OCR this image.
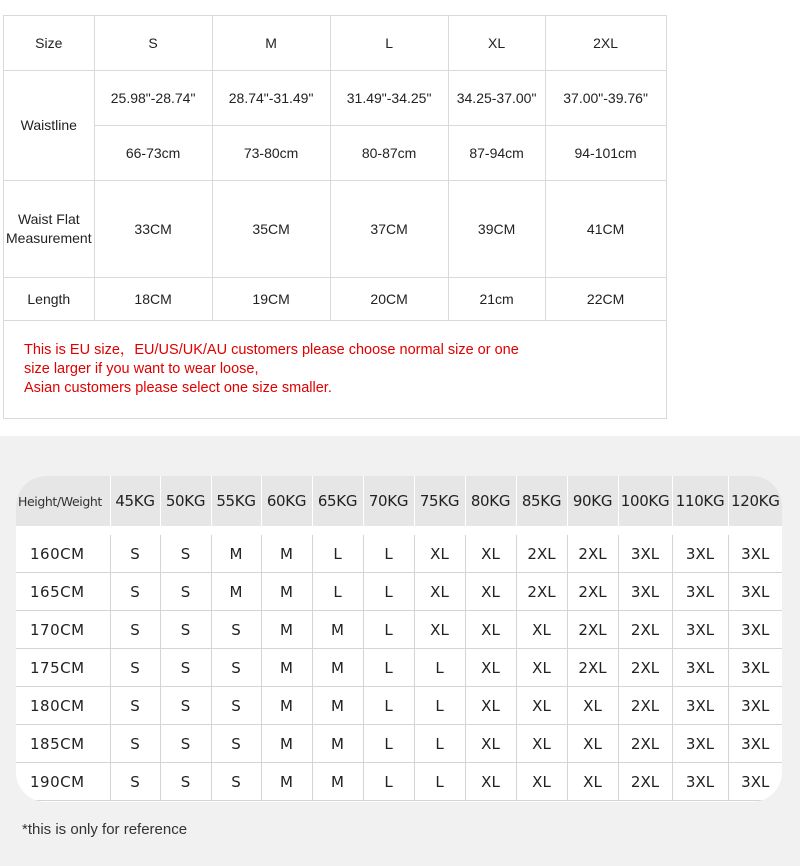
Size	S	M	L	XL	2XL
Waistline	25.98"-28.74"	28.74"-31.49"	31.49"-34.25"	34.25-37.00"	37.00"-39.76"
	66-73cm	73-80cm	80-87cm	87-94cm	94-101cm
Waist Flat Measurement	33CM	35CM	37CM	39CM	41CM
Length	18CM	19CM	20CM	21cm	22CM

This is EU size，EU/US/UK/AU customers please choose normal size or one
size larger if you want to wear loose,
Asian customers please select one size smaller.					
Height/Weight	45KG	50KG	55KG	60KG	65KG	70KG	75KG	80KG	85KG	90KG	100KG	110KG	120KG

160CM	S	S	M	M	L	L	XL	XL	2XL	2XL	3XL	3XL	3XL
165CM	S	S	M	M	L	L	XL	XL	2XL	2XL	3XL	3XL	3XL
170CM	S	S	S	M	M	L	XL	XL	XL	2XL	2XL	3XL	3XL
175CM	S	S	S	M	M	L	L	XL	XL	2XL	2XL	3XL	3XL
180CM	S	S	S	M	M	L	L	XL	XL	XL	2XL	3XL	3XL
185CM	S	S	S	M	M	L	L	XL	XL	XL	2XL	3XL	3XL
190CM	S	S	S	M	M	L	L	XL	XL	XL	2XL	3XL	3XL
*this is only for reference
